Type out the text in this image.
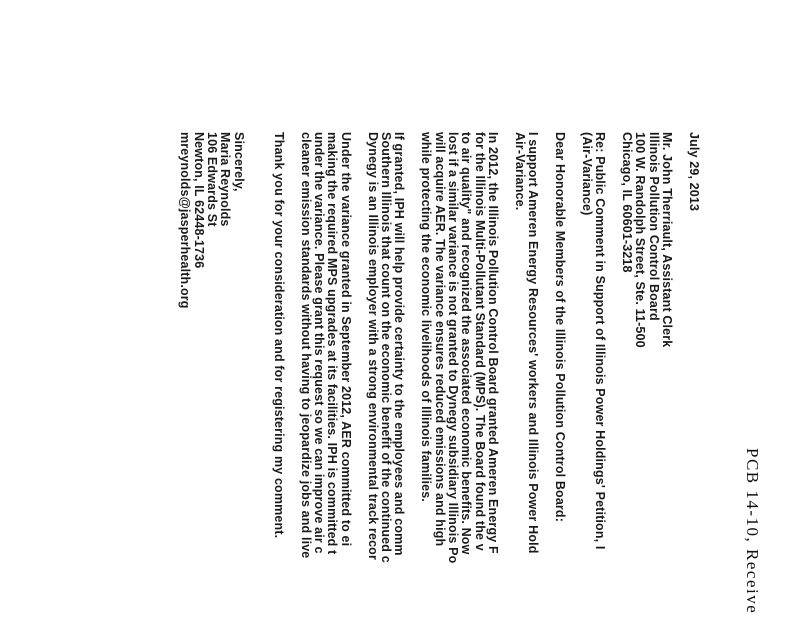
PCB 14-10, Receive
July 29, 2013
Mr. John Therriault, Assistant Clerk
Illinois Pollution Control Board
100 W. Randolph Street, Ste. 11-500
Chicago, IL 60601-3218
Re: Public Comment in Support of Illinois Power Holdings' Petition, I
(Air-Variance)
Dear Honorable Members of the Illinois Pollution Control Board:
I support Ameren Energy Resources' workers and Illinois Power Hold
Air-Variance.
In 2012, the Illinois Pollution Control Board granted Ameren Energy F
for the Illinois Multi-Pollutant Standard (MPS). The Board found the v
to air quality" and recognized the associated economic benefits. Now
lost if a similar variance is not granted to Dynegy subsidiary Illinois Po
will acquire AER. The variance ensures reduced emissions and high
while protecting the economic livelihoods of Illinois families.
If granted, IPH will help provide certainty to the employees and comm
Southern Illinois that count on the economic benefit of the continued c
Dynegy is an Illinois employer with a strong environmental track recor
Under the variance granted in September 2012, AER committed to ei
making the required MPS upgrades at its facilities. IPH is committed t
under the variance. Please grant this request so we can improve air c
cleaner emission standards without having to jeopardize jobs and live
Thank you for your consideration and for registering my comment.
Sincerely,
Maria Reynolds
106 Edwards St
Newton, IL 62448-1736
mreynolds@jasperhealth.org
